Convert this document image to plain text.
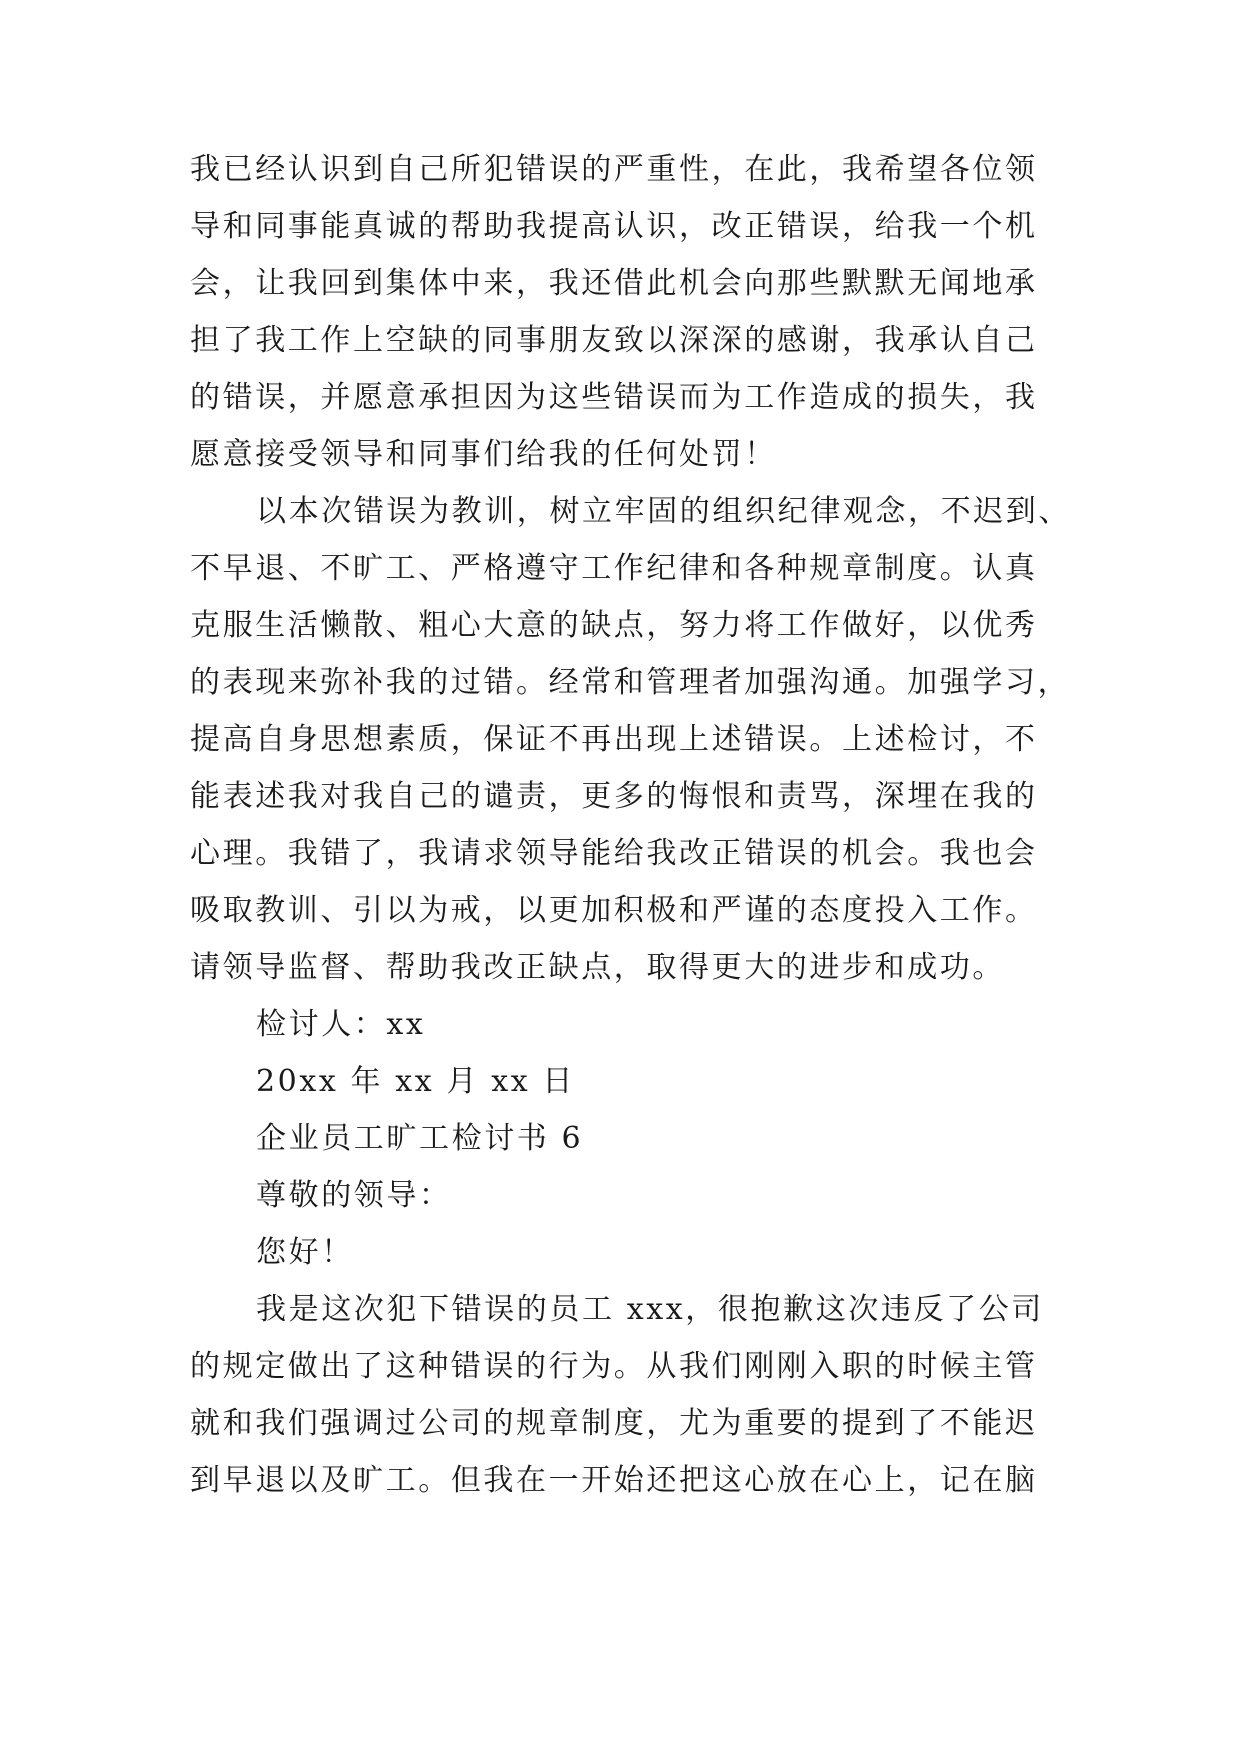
我已经认识到自己所犯错误的严重性，在此，我希望各位领
导和同事能真诚的帮助我提高认识，改正错误，给我一个机
会，让我回到集体中来，我还借此机会向那些默默无闻地承
担了我工作上空缺的同事朋友致以深深的感谢，我承认自己
的错误，并愿意承担因为这些错误而为工作造成的损失，我
愿意接受领导和同事们给我的任何处罚！
以本次错误为教训，树立牢固的组织纪律观念，不迟到、
不早退、不旷工、严格遵守工作纪律和各种规章制度。认真
克服生活懒散、粗心大意的缺点，努力将工作做好，以优秀
的表现来弥补我的过错。经常和管理者加强沟通。加强学习，
提高自身思想素质，保证不再出现上述错误。上述检讨，不
能表述我对我自己的谴责，更多的悔恨和责骂，深埋在我的
心理。我错了，我请求领导能给我改正错误的机会。我也会
吸取教训、引以为戒，以更加积极和严谨的态度投入工作。
请领导监督、帮助我改正缺点，取得更大的进步和成功。
检讨人：xx
20xx 年 xx 月 xx 日
企业员工旷工检讨书 6
尊敬的领导：
您好！
我是这次犯下错误的员工 xxx，很抱歉这次违反了公司
的规定做出了这种错误的行为。从我们刚刚入职的时候主管
就和我们强调过公司的规章制度，尤为重要的提到了不能迟
到早退以及旷工。但我在一开始还把这心放在心上，记在脑
